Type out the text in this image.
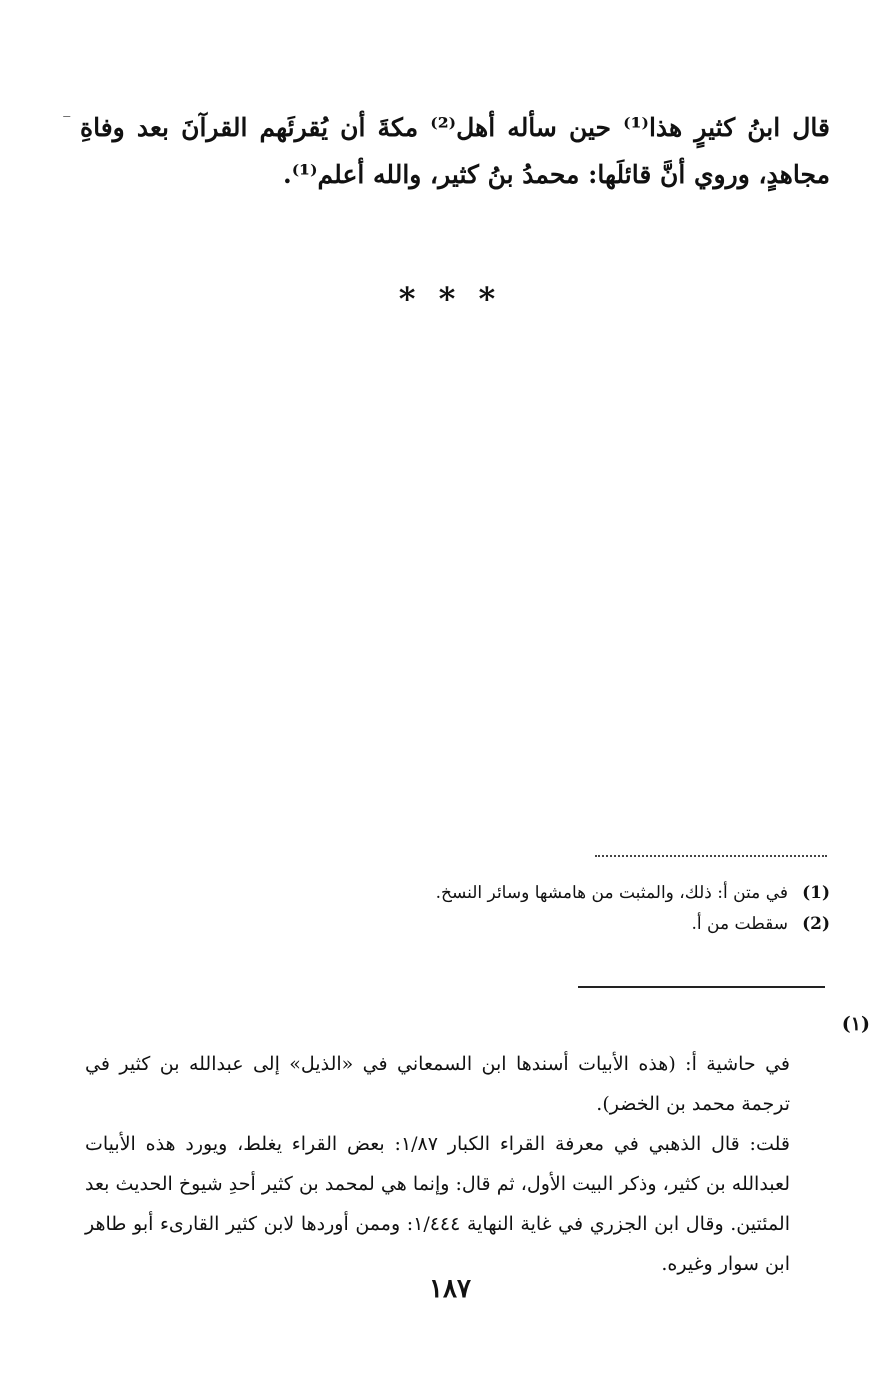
⁻ قال ابنُ كثيرٍ هذا⁽¹⁾ حين سأله أهل⁽²⁾ مكةَ أن يُقرئَهم القرآنَ بعد وفاةِ مجاهدٍ، وروي أنَّ قائلَها: محمدُ بنُ كثير، والله أعلم⁽¹⁾.
* * *
(1)في متن أ: ذلك، والمثبت من هامشها وسائر النسخ.
(2)سقطت من أ.

(١)
في حاشية أ: (هذه الأبيات أسندها ابن السمعاني في «الذيل» إلى عبدالله بن كثير في ترجمة محمد بن الخضر).

قلت: قال الذهبي في معرفة القراء الكبار ١/٨٧: بعض القراء يغلط، ويورد هذه الأبيات لعبدالله بن كثير، وذكر البيت الأول، ثم قال: وإنما هي لمحمد بن كثير أحدِ شيوخ الحديث بعد المئتين. وقال ابن الجزري في غاية النهاية ١/٤٤٤: وممن أوردها لابن كثير القارىء أبو طاهر ابن سوار وغيره.

١٨٧
